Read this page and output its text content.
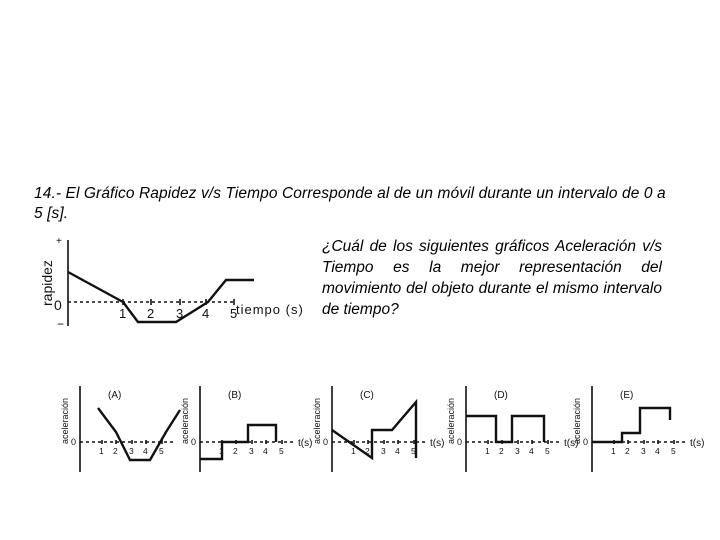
14.- El Gráfico Rapidez v/s Tiempo Corresponde al de un móvil durante un intervalo de 0 a 5 [s].
¿Cuál de los siguientes gráficos Aceleración v/s Tiempo es la mejor representación del movimiento del objeto durante el mismo intervalo de tiempo?
rapidez
+
0
−
1 2 3 4 5
tiempo (s)
aceleración 0
(A)
1 2 3 4 5
aceleración 0
(B)
1 2 3 4 5
t(s) aceleración 0
(C)
1 2 3 4 5
t(s) aceleración 0
(D)
1 2 3 4 5
t(s)
aceleración 0
(E)
1 2 3 4 5
t(s)
